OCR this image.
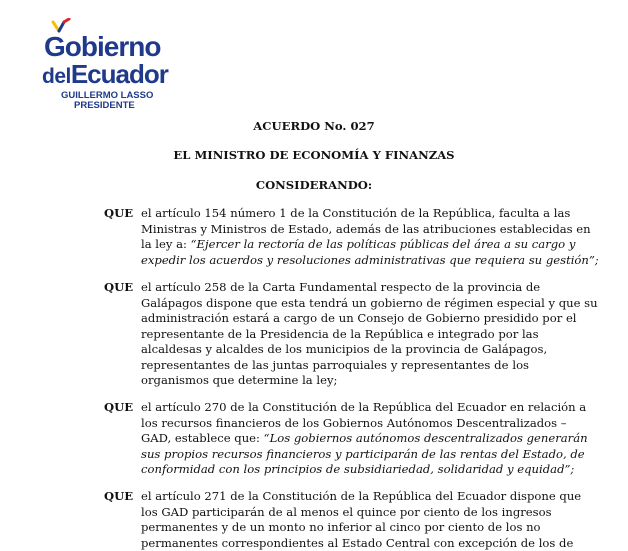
Gobierno
delEcuador
GUILLERMO LASSO
PRESIDENTE
ACUERDO No. 027
EL MINISTRO DE ECONOMÍA Y FINANZAS
CONSIDERANDO:
QUE el artículo 154 número 1 de la Constitución de la República, faculta a las
Ministras y Ministros de Estado, además de las atribuciones establecidas en
la ley a: “Ejercer la rectoría de las políticas públicas del área a su cargo y
expedir los acuerdos y resoluciones administrativas que requiera su gestión”;
QUE el artículo 258 de la Carta Fundamental respecto de la provincia de
Galápagos dispone que esta tendrá un gobierno de régimen especial y que su
administración estará a cargo de un Consejo de Gobierno presidido por el
representante de la Presidencia de la República e integrado por las
alcaldesas y alcaldes de los municipios de la provincia de Galápagos,
representantes de las juntas parroquiales y representantes de los
organismos que determine la ley;
QUE el artículo 270 de la Constitución de la República del Ecuador en relación a
los recursos financieros de los Gobiernos Autónomos Descentralizados –
GAD, establece que: “Los gobiernos autónomos descentralizados generarán
sus propios recursos financieros y participarán de las rentas del Estado, de
conformidad con los principios de subsidiariedad, solidaridad y equidad”;
QUE el artículo 271 de la Constitución de la República del Ecuador dispone que
los GAD participarán de al menos el quince por ciento de los ingresos
permanentes y de un monto no inferior al cinco por ciento de los no
permanentes correspondientes al Estado Central con excepción de los de
